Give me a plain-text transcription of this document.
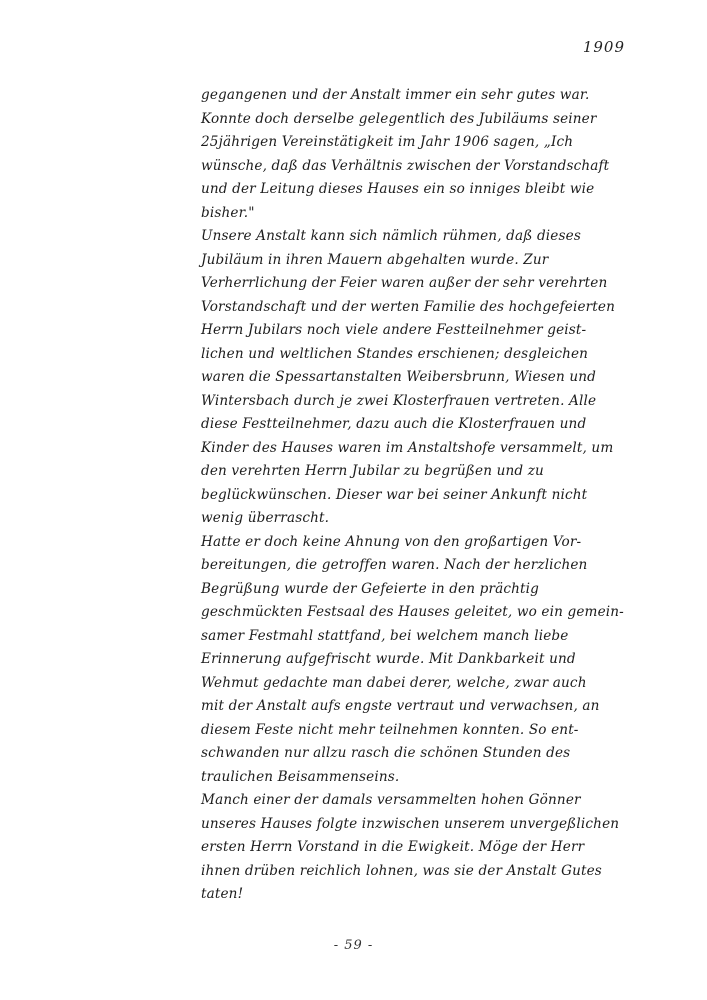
1909
gegangenen und der Anstalt immer ein sehr gutes war.
Konnte doch derselbe gelegentlich des Jubiläums seiner
25jährigen Vereinstätigkeit im Jahr 1906 sagen, „Ich
wünsche, daß das Verhältnis zwischen der Vorstandschaft
und der Leitung dieses Hauses ein so inniges bleibt wie
bisher."
Unsere Anstalt kann sich nämlich rühmen, daß dieses
Jubiläum in ihren Mauern abgehalten wurde. Zur
Verherrlichung der Feier waren außer der sehr verehrten
Vorstandschaft und der werten Familie des hochgefeierten
Herrn Jubilars noch viele andere Festteilnehmer geist-
lichen und weltlichen Standes erschienen; desgleichen
waren die Spessartanstalten Weibersbrunn, Wiesen und
Wintersbach durch je zwei Klosterfrauen vertreten. Alle
diese Festteilnehmer, dazu auch die Klosterfrauen und
Kinder des Hauses waren im Anstaltshofe versammelt, um
den verehrten Herrn Jubilar zu begrüßen und zu
beglückwünschen. Dieser war bei seiner Ankunft nicht
wenig überrascht.
Hatte er doch keine Ahnung von den großartigen Vor-
bereitungen, die getroffen waren. Nach der herzlichen
Begrüßung wurde der Gefeierte in den prächtig
geschmückten Festsaal des Hauses geleitet, wo ein gemein-
samer Festmahl stattfand, bei welchem manch liebe
Erinnerung aufgefrischt wurde. Mit Dankbarkeit und
Wehmut gedachte man dabei derer, welche, zwar auch
mit der Anstalt aufs engste vertraut und verwachsen, an
diesem Feste nicht mehr teilnehmen konnten. So ent-
schwanden nur allzu rasch die schönen Stunden des
traulichen Beisammenseins.
Manch einer der damals versammelten hohen Gönner
unseres Hauses folgte inzwischen unserem unvergeßlichen
ersten Herrn Vorstand in die Ewigkeit. Möge der Herr
ihnen drüben reichlich lohnen, was sie der Anstalt Gutes
taten!
- 59 -
